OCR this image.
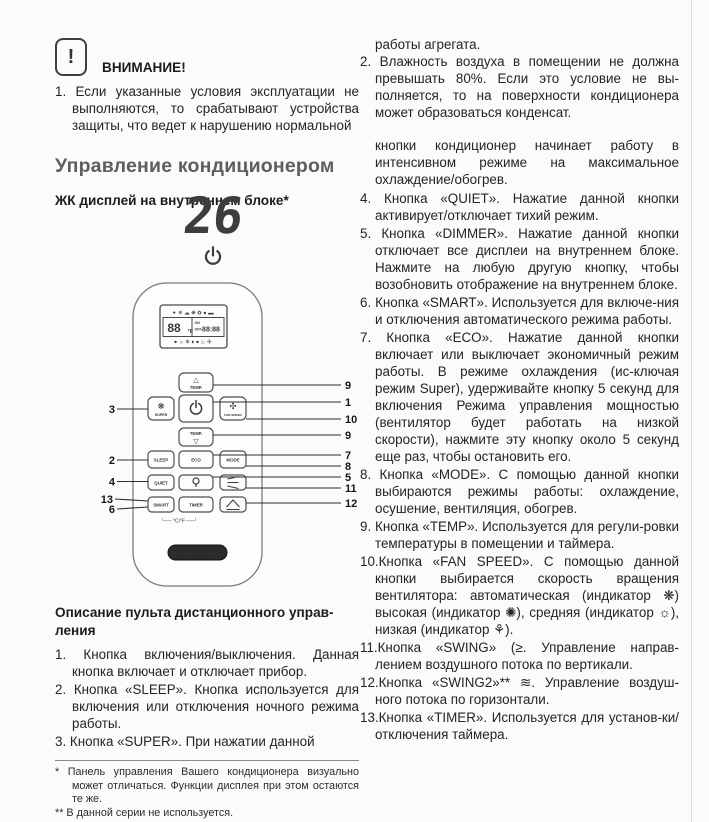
!	ВНИМАНИЕ!
1. Если указанные условия эксплуатации не выполняются, то срабатывают устройства защиты, что ведет к нарушению нормальной
Управление кондиционером
ЖК дисплей на внутреннем блоке*
26
✦❄☁❋✿●▬
88 °F
ON
OFF 88:88
●☼❄♦●♨✣
△
TEMP.
❋
SUPER
✣
FAN SPEED
TEMP.
▽
SLEEP	ECO	MODE
QUIET
SMART	TIMER
└── °C/°F ──┘
AC ELECTRIC
3
2
4
13
6
9
1
10
9
7
8
5
11
12
Описание пульта дистанционного управ-
ления
1. Кнопка включения/выключения. Данная кнопка включает и отключает прибор.
2. Кнопка «SLEEP». Кнопка используется для включения или отключения ночного режима работы.
3. Кнопка «SUPER». При нажатии данной
* Панель управления Вашего кондиционера визуально может отличаться. Функции дисплея при этом остаются те же.
** В данной серии не используется.
работы агрегата.
2. Влажность воздуха в помещении не должна превышать 80%. Если это условие не вы-полняется, то на поверхности кондиционера может образоваться конденсат.
кнопки кондиционер начинает работу в интенсивном режиме на максимальное охлаждение/обогрев.
4. Кнопка «QUIET». Нажатие данной кнопки активирует/отключает тихий режим.
5. Кнопка «DIMMER». Нажатие данной кнопки отключает все дисплеи на внутреннем блоке. Нажмите на любую другую кнопку, чтобы возобновить отображение на внутреннем блоке.
6. Кнопка «SMART». Используется для включе-ния и отключения автоматического режима работы.
7. Кнопка «ECO». Нажатие данной кнопки включает или выключает экономичный режим работы. В режиме охлаждения (ис-ключая режим Super), удерживайте кнопку 5 секунд для включения Режима управления мощностью (вентилятор будет работать на низкой скорости), нажмите эту кнопку около 5 секунд еще раз, чтобы остановить его.
8. Кнопка «MODE». С помощью данной кнопки выбираются режимы работы: охлаждение, осушение, вентиляция, обогрев.
9. Кнопка «TEMP». Используется для регули-ровки температуры в помещении и таймера.
10.Кнопка «FAN SPEED». С помощью данной кнопки выбирается скорость вращения вентилятора: автоматическая (индикатор ❋) высокая (индикатор ✺), средняя (индикатор ☼), низкая (индикатор ⚘).
11.Кнопка «SWING» (≥. Управление направ-лением воздушного потока по вертикали.
12.Кнопка «SWING2»** ≋. Управление воздуш-ного потока по горизонтали.
13.Кнопка «TIMER». Используется для установ-ки/отключения таймера.
